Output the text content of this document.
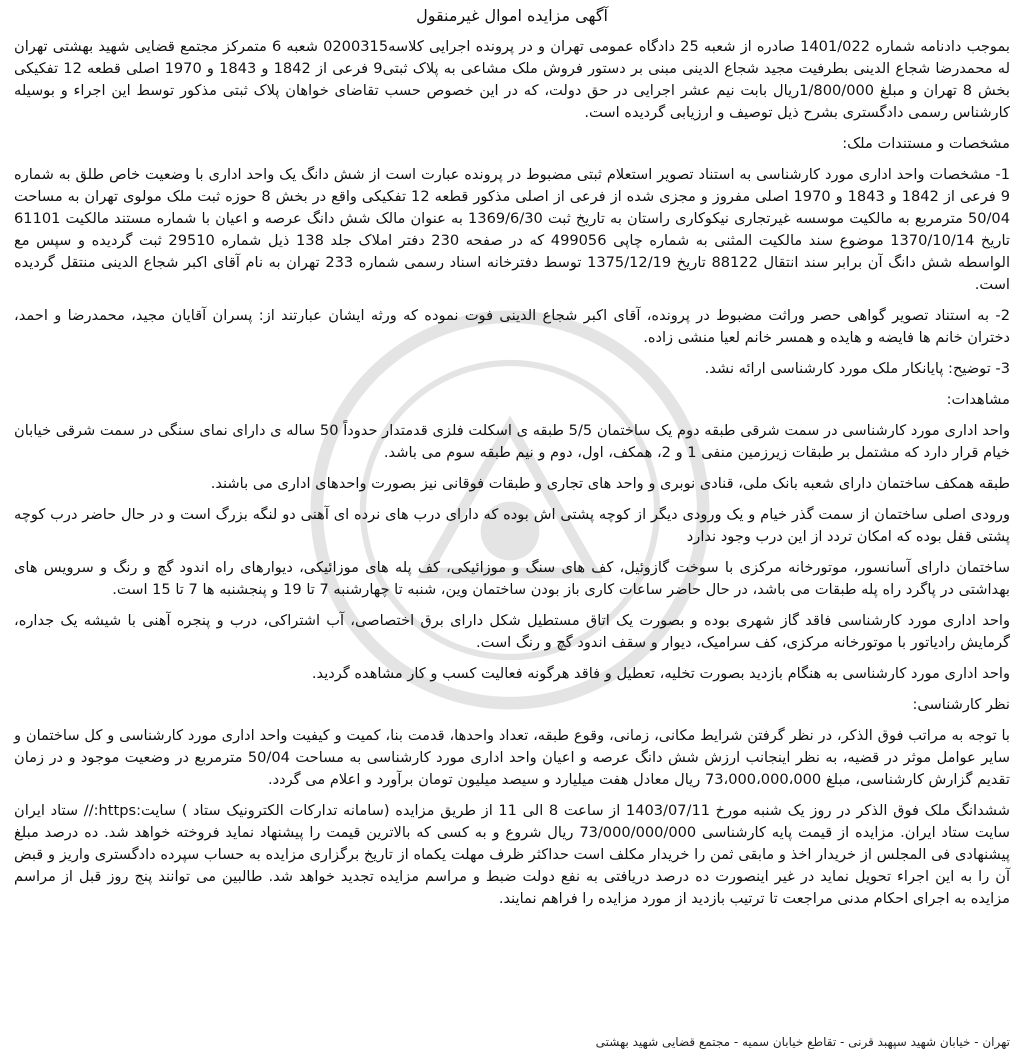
آگهی مزایده اموال غیرمنقول

بموجب دادنامه شماره 1401/022 صادره از شعبه 25 دادگاه عمومی تهران و در پرونده اجرایی کلاسه0200315 شعبه 6 متمرکز مجتمع قضایی شهید بهشتی تهران له محمدرضا شجاع الدینی بطرفیت مجید شجاع الدینی مبنی بر دستور فروش ملک مشاعی به پلاک ثبتی9 فرعی از 1842 و 1843 و 1970 اصلی قطعه 12 تفکیکی بخش 8 تهران و مبلغ 1/800/000ریال بابت نیم عشر اجرایی در حق دولت، که در این خصوص حسب تقاضای خواهان پلاک ثبتی مذکور توسط این اجراء و بوسیله کارشناس رسمی دادگستری بشرح ذیل توصیف و ارزیابی گردیده است.

مشخصات و مستندات ملک:

1- مشخصات واحد اداری مورد کارشناسی به استناد تصویر استعلام ثبتی مضبوط در پرونده عبارت است از شش دانگ یک واحد اداری با وضعیت خاص طلق به شماره 9 فرعی از 1842 و 1843 و 1970 اصلی مفروز و مجزی شده از فرعی از اصلی مذکور قطعه 12 تفکیکی واقع در بخش 8 حوزه ثبت ملک مولوی تهران به مساحت 50/04 مترمربع به مالکیت موسسه غیرتجاری نیکوکاری راستان به تاریخ ثبت 1369/6/30 به عنوان مالک شش دانگ عرصه و اعیان با شماره مستند مالکیت 61101 تاریخ 1370/10/14 موضوع سند مالکیت المثنی به شماره چاپی 499056 که در صفحه 230 دفتر املاک جلد 138 ذیل شماره 29510 ثبت گردیده و سپس مع الواسطه شش دانگ آن برابر سند انتقال 88122 تاریخ 1375/12/19 توسط دفترخانه اسناد رسمی شماره 233 تهران به نام آقای اکبر شجاع الدینی منتقل گردیده است.

2- به استناد تصویر گواهی حصر وراثت مضبوط در پرونده، آقای اکبر شجاع الدینی فوت نموده که ورثه ایشان عبارتند از: پسران آقایان مجید، محمدرضا و احمد، دختران خانم ها فایضه و هایده و همسر خانم لعیا منشی زاده.

3- توضیح: پایانکار ملک مورد کارشناسی ارائه نشد.

مشاهدات:

واحد اداری مورد کارشناسی در سمت شرقی طبقه دوم یک ساختمان 5/5 طبقه ی اسکلت فلزی قدمتدار حدوداً 50 ساله ی دارای نمای سنگی در سمت شرقی خیابان خیام قرار دارد که مشتمل بر طبقات زیرزمین منفی 1 و 2، همکف، اول، دوم و نیم طبقه سوم می باشد.

طبقه همکف ساختمان دارای شعبه بانک ملی، قنادی نوبری و واحد های تجاری و طبقات فوقانی نیز بصورت واحدهای اداری می باشند.

ورودی اصلی ساختمان از سمت گذر خیام و یک ورودی دیگر از کوچه پشتی اش بوده که دارای درب های نرده ای آهنی دو لنگه بزرگ است و در حال حاضر درب کوچه پشتی قفل بوده که امکان تردد از این درب وجود ندارد

ساختمان دارای آسانسور، موتورخانه مرکزی با سوخت گازوئیل، کف های سنگ و موزائیکی، کف پله های موزائیکی، دیوارهای راه اندود گچ و رنگ و سرویس های بهداشتی در پاگرد راه پله طبقات می باشد، در حال حاضر ساعات کاری باز بودن ساختمان وین، شنبه تا چهارشنبه 7 تا 19 و پنجشنبه ها 7 تا 15 است.

واحد اداری مورد کارشناسی فاقد گاز شهری بوده و بصورت یک اتاق مستطیل شکل دارای برق اختصاصی، آب اشتراکی، درب و پنجره آهنی با شیشه یک جداره، گرمایش رادیاتور با موتورخانه مرکزی، کف سرامیک، دیوار و سقف اندود گچ و رنگ است.

واحد اداری مورد کارشناسی به هنگام بازدید بصورت تخلیه، تعطیل و فاقد هرگونه فعالیت کسب و کار مشاهده گردید.

نظر کارشناسی:

با توجه به مراتب فوق الذکر، در نظر گرفتن شرایط مکانی، زمانی، وقوع طبقه، تعداد واحدها، قدمت بنا، کمیت و کیفیت واحد اداری مورد کارشناسی و کل ساختمان و سایر عوامل موثر در قضیه، به نظر اینجانب ارزش شش دانگ عرصه و اعیان واحد اداری مورد کارشناسی به مساحت 50/04 مترمربع در وضعیت موجود و در زمان تقدیم گزارش کارشناسی، مبلغ 73،000،000،000 ریال معادل هفت میلیارد و سیصد میلیون تومان برآورد و اعلام می گردد.

ششدانگ ملک فوق الذکر در روز یک شنبه مورخ 1403/07/11 از ساعت 8 الی 11 از طریق مزایده (سامانه تدارکات الکترونیک ستاد ) سایت:https:// ستاد ایران سایت ستاد ایران. مزایده از قیمت پایه کارشناسی 73/000/000/000 ریال شروع و به کسی که بالاترین قیمت را پیشنهاد نماید فروخته خواهد شد. ده درصد مبلغ پیشنهادی فی المجلس از خریدار اخذ و مابقی ثمن را خریدار مکلف است حداکثر ظرف مهلت یکماه از تاریخ برگزاری مزایده به حساب سپرده دادگستری واریز و قبض آن را به این اجراء تحویل نماید در غیر اینصورت ده درصد دریافتی به نفع دولت ضبط و مراسم مزایده تجدید خواهد شد. طالبین می توانند پنج روز قبل از مراسم مزایده به اجرای احکام مدنی مراجعت تا ترتیب بازدید از مورد مزایده را فراهم نمایند.

تهران - خیابان شهید سپهبد قرنی - تقاطع خیابان سمیه - مجتمع قضایی شهید بهشتی
